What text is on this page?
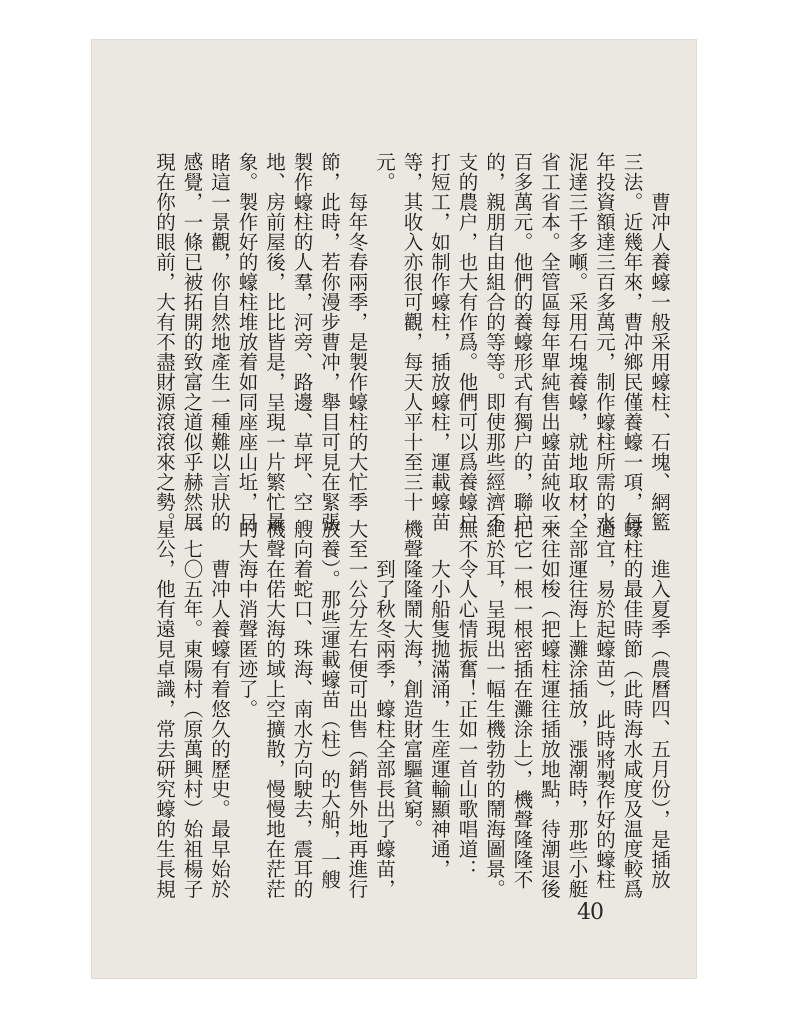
曹冲人養蠔一般采用蠔柱、石塊、網籃

三法。近幾年來，曹冲鄉民僅養蠔一項，每

年投資額達三百多萬元，制作蠔柱所需的水

泥達三千多噸。采用石塊養蠔，就地取材，

省工省本。全管區每年單純售出蠔苗純收二

百多萬元。他們的養蠔形式有獨户的，聯户

的，親朋自由組合的等等。即使那些經濟不

支的農户，也大有作爲。他們可以爲養蠔户

打短工，如制作蠔柱，插放蠔柱，運載蠔苗

等，其收入亦很可觀，每天人平十至三十

元。

每年冬春兩季，是製作蠔柱的大忙季

節，此時，若你漫步曹冲，舉目可見在緊張

製作蠔柱的人羣，河旁、路邊、草坪、空

地、房前屋後，比比皆是，呈現一片繁忙景

象。製作好的蠔柱堆放着如同座座山坵，目

睹這一景觀，你自然地產生一種難以言狀的

感覺，一條已被拓開的致富之道似乎赫然展

現在你的眼前，大有不盡財源滾滾來之勢。

進入夏季（農曆四、五月份），是插放

蠔柱的最佳時節（此時海水咸度及温度較爲

適宜，易於起蠔苗），此時將製作好的蠔柱

全部運往海上灘涂插放，漲潮時，那些小艇

來往如梭（把蠔柱運往插放地點，待潮退後

把它一根一根密插在灘涂上），機聲隆隆不

絶於耳，呈現出一幅生機勃勃的鬧海圖景。

無不令人心情振奮！正如一首山歌唱道：

大小船隻拋滿涌，生産運輸顯神通，

機聲隆隆鬧大海，創造財富驅貧窮。

到了秋冬兩季，蠔柱全部長出了蠔苗，

大至一公分左右便可出售（銷售外地再進行

放養）。那些運載蠔苗（柱）的大船，一艘

艘向着蛇口、珠海、南水方向駛去，震耳的

機聲在偌大海的域上空擴散，慢慢地在茫茫

的大海中消聲匿迹了。

曹冲人養蠔有着悠久的歷史。最早始於

一七〇五年。東陽村（原萬興村）始祖楊子

星公，他有遠見卓識，常去研究蠔的生長規

40
